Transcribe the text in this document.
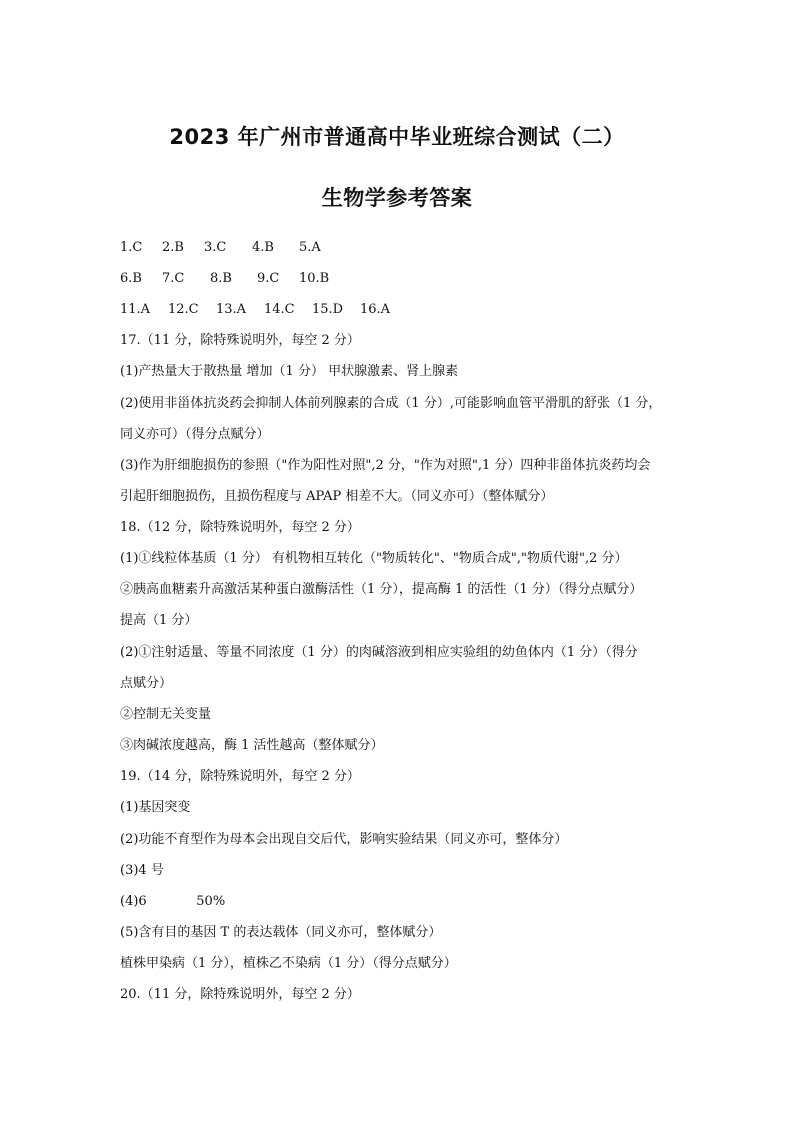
2023 年广州市普通高中毕业班综合测试（二）
生物学参考答案
1.C 2.B 3.C 4.B 5.A
6.B 7.C 8.B 9.C 10.B
11.A 12.C 13.A 14.C 15.D 16.A
17.（11 分，除特殊说明外，每空 2 分）
(1)产热量大于散热量 增加（1 分） 甲状腺激素、肾上腺素
(2)使用非甾体抗炎药会抑制人体前列腺素的合成（1 分）,可能影响血管平滑肌的舒张（1 分，
同义亦可）（得分点赋分）
(3)作为肝细胞损伤的参照（"作为阳性对照",2 分，"作为对照",1 分）四种非甾体抗炎药均会
引起肝细胞损伤，且损伤程度与 APAP 相差不大。（同义亦可）（整体赋分）
18.（12 分，除特殊说明外，每空 2 分）
(1)①线粒体基质（1 分） 有机物相互转化（"物质转化"、"物质合成","物质代谢",2 分）
②胰高血糖素升高激活某种蛋白激酶活性（1 分），提高酶 1 的活性（1 分）（得分点赋分）
提高（1 分）
(2)①注射适量、等量不同浓度（1 分）的肉碱溶液到相应实验组的幼鱼体内（1 分）（得分
点赋分）
②控制无关变量
③肉碱浓度越高，酶 1 活性越高（整体赋分）
19.（14 分，除特殊说明外，每空 2 分）
(1)基因突变
(2)功能不育型作为母本会出现自交后代，影响实验结果（同义亦可，整体分）
(3)4 号
(4)6            50%
(5)含有目的基因 T 的表达载体（同义亦可，整体赋分）
植株甲染病（1 分），植株乙不染病（1 分）（得分点赋分）
20.（11 分，除特殊说明外，每空 2 分）
